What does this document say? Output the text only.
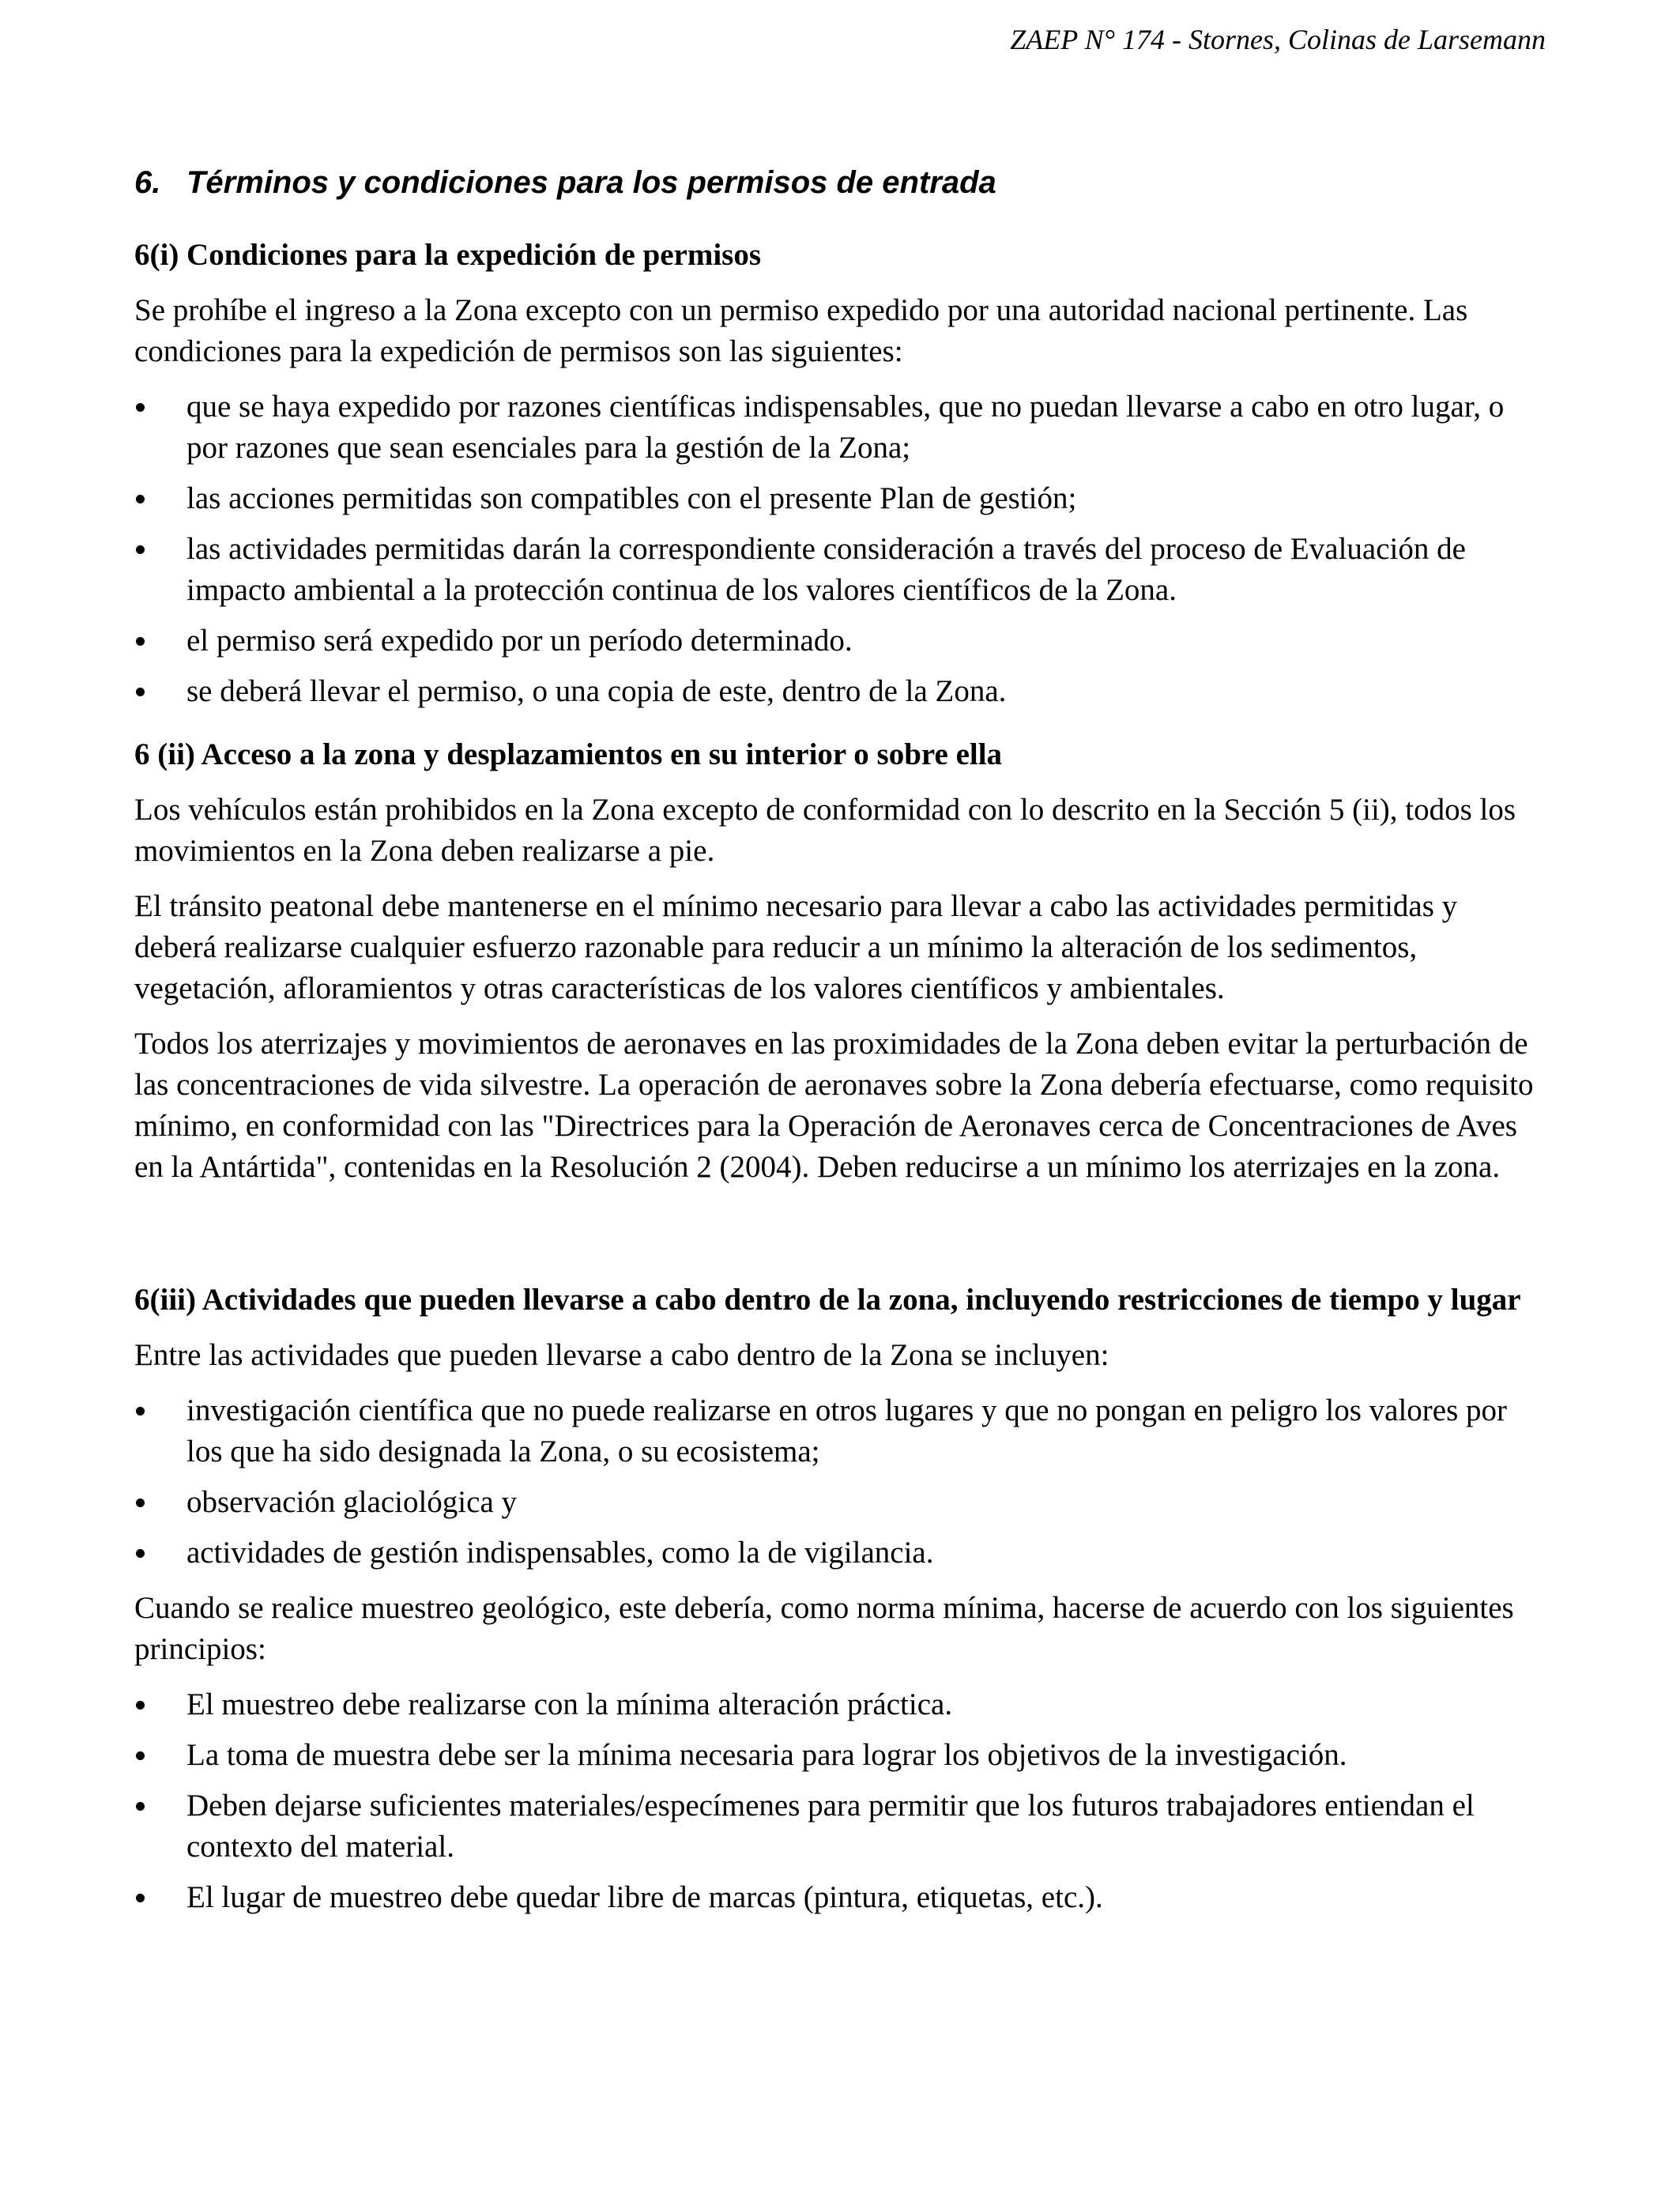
ZAEP N° 174 - Stornes, Colinas de Larsemann
6. Términos y condiciones para los permisos de entrada
6(i) Condiciones para la expedición de permisos

Se prohíbe el ingreso a la Zona excepto con un permiso expedido por una autoridad nacional pertinente. Las condiciones para la expedición de permisos son las siguientes:

que se haya expedido por razones científicas indispensables, que no puedan llevarse a cabo en otro lugar, o por razones que sean esenciales para la gestión de la Zona;
las acciones permitidas son compatibles con el presente Plan de gestión;
las actividades permitidas darán la correspondiente consideración a través del proceso de Evaluación de impacto ambiental a la protección continua de los valores científicos de la Zona.
el permiso será expedido por un período determinado.
se deberá llevar el permiso, o una copia de este, dentro de la Zona.
6 (ii) Acceso a la zona y desplazamientos en su interior o sobre ella

Los vehículos están prohibidos en la Zona excepto de conformidad con lo descrito en la Sección 5 (ii), todos los movimientos en la Zona deben realizarse a pie.

El tránsito peatonal debe mantenerse en el mínimo necesario para llevar a cabo las actividades permitidas y deberá realizarse cualquier esfuerzo razonable para reducir a un mínimo la alteración de los sedimentos, vegetación, afloramientos y otras características de los valores científicos y ambientales.

Todos los aterrizajes y movimientos de aeronaves en las proximidades de la Zona deben evitar la perturbación de las concentraciones de vida silvestre. La operación de aeronaves sobre la Zona debería efectuarse, como requisito mínimo, en conformidad con las "Directrices para la Operación de Aeronaves cerca de Concentraciones de Aves en la Antártida", contenidas en la Resolución 2 (2004). Deben reducirse a un mínimo los aterrizajes en la zona.

6(iii) Actividades que pueden llevarse a cabo dentro de la zona, incluyendo restricciones de tiempo y lugar

Entre las actividades que pueden llevarse a cabo dentro de la Zona se incluyen:

investigación científica que no puede realizarse en otros lugares y que no pongan en peligro los valores por los que ha sido designada la Zona, o su ecosistema;
observación glaciológica y
actividades de gestión indispensables, como la de vigilancia.

Cuando se realice muestreo geológico, este debería, como norma mínima, hacerse de acuerdo con los siguientes principios:

El muestreo debe realizarse con la mínima alteración práctica.
La toma de muestra debe ser la mínima necesaria para lograr los objetivos de la investigación.
Deben dejarse suficientes materiales/especímenes para permitir que los futuros trabajadores entiendan el contexto del material.
El lugar de muestreo debe quedar libre de marcas (pintura, etiquetas, etc.).
